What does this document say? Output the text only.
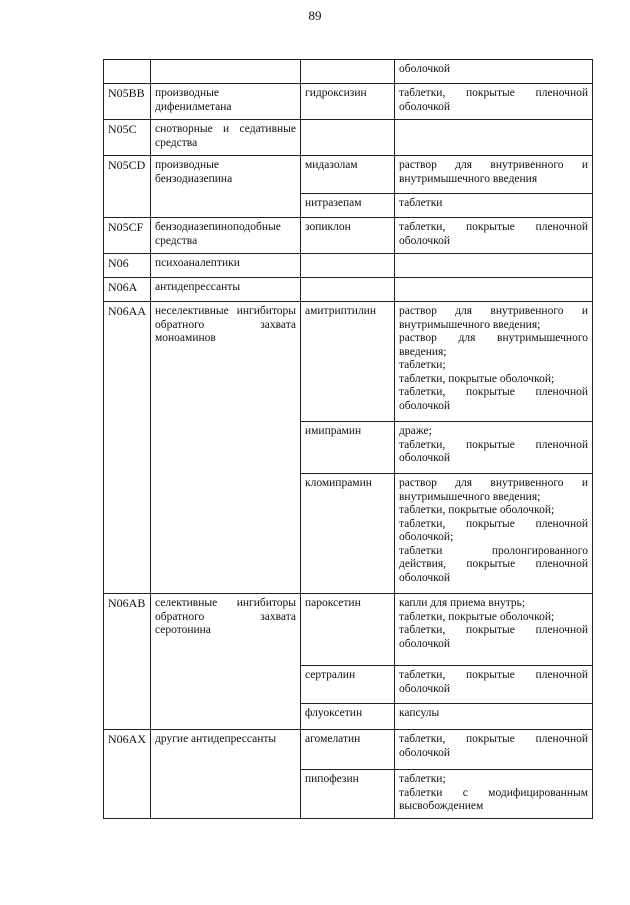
89

			оболочкой

N05BB	производные дифенилметана	гидроксизин	таблетки, покрытые пленочной оболочкой

N05C	снотворные и седативные средства		

N05CD	производные бензодиазепина	мидазолам	раствор для внутривенного и внутримышечного введения

		нитразепам	таблетки

N05CF	бензодиазепиноподобные средства	зопиклон	таблетки, покрытые пленочной оболочкой

N06	психоаналептики		

N06A	антидепрессанты		

N06AA	неселективные ингибиторы обратного захвата моноаминов	амитриптилин	раствор для внутривенного и внутримышечного введения;
раствор для внутримышечного введения;
таблетки;
таблетки, покрытые оболочкой;
таблетки, покрытые пленочной оболочкой

		имипрамин	драже;
таблетки, покрытые пленочной оболочкой

		кломипрамин	раствор для внутривенного и внутримышечного введения;
таблетки, покрытые оболочкой;
таблетки, покрытые пленочной оболочкой;
таблетки пролонгированного действия, покрытые пленочной оболочкой

N06AB	селективные ингибиторы обратного захвата серотонина	пароксетин	капли для приема внутрь;
таблетки, покрытые оболочкой;
таблетки, покрытые пленочной оболочкой

		сертралин	таблетки, покрытые пленочной оболочкой

		флуоксетин	капсулы

N06AX	другие антидепрессанты	агомелатин	таблетки, покрытые пленочной оболочкой

		пипофезин	таблетки;
таблетки с модифицированным высвобождением
